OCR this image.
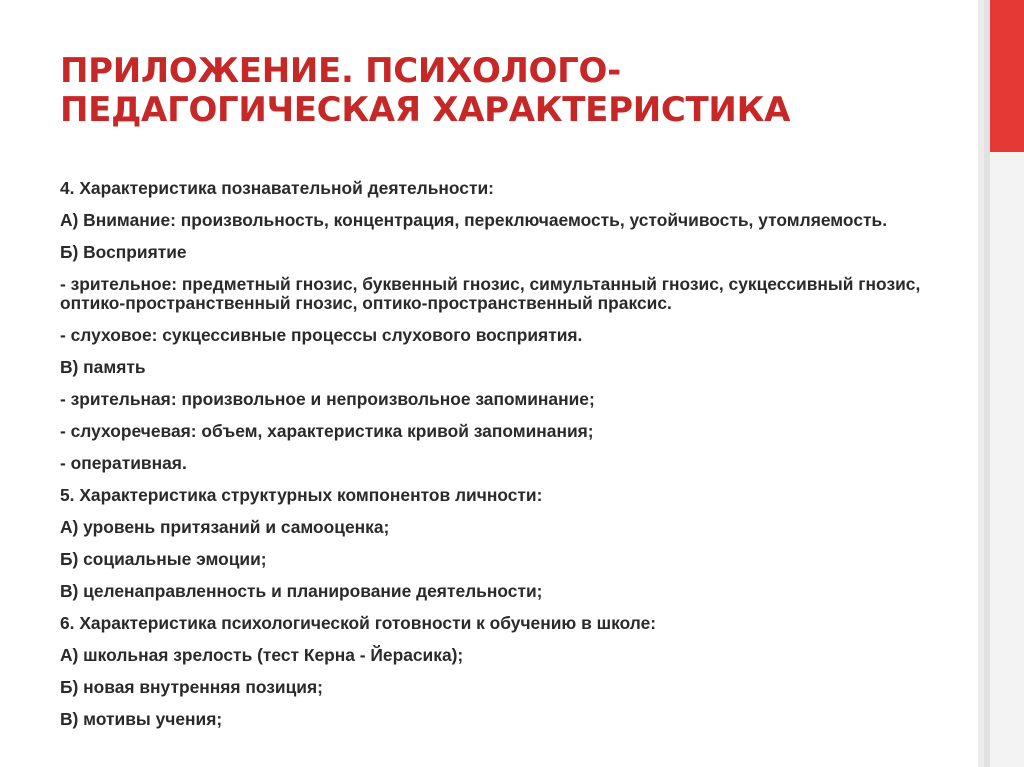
ПРИЛОЖЕНИЕ. ПСИХОЛОГО-ПЕДАГОГИЧЕСКАЯ ХАРАКТЕРИСТИКА

4. Характеристика познавательной деятельности:

А) Внимание: произвольность, концентрация, переключаемость, устойчивость, утомляемость.

Б) Восприятие

- зрительное: предметный гнозис, буквенный гнозис, симультанный гнозис, сукцессивный гнозис, оптико-пространственный гнозис, оптико-пространственный праксис.

- слуховое: сукцессивные процессы слухового восприятия.

В) память

- зрительная: произвольное и непроизвольное запоминание;

- слухоречевая: объем, характеристика кривой запоминания;

- оперативная.

5. Характеристика структурных компонентов личности:

А) уровень притязаний и самооценка;

Б) социальные эмоции;

В) целенаправленность и планирование деятельности;

6. Характеристика психологической готовности к обучению в школе:

А) школьная зрелость (тест Керна - Йерасика);

Б) новая внутренняя позиция;

В) мотивы учения;
